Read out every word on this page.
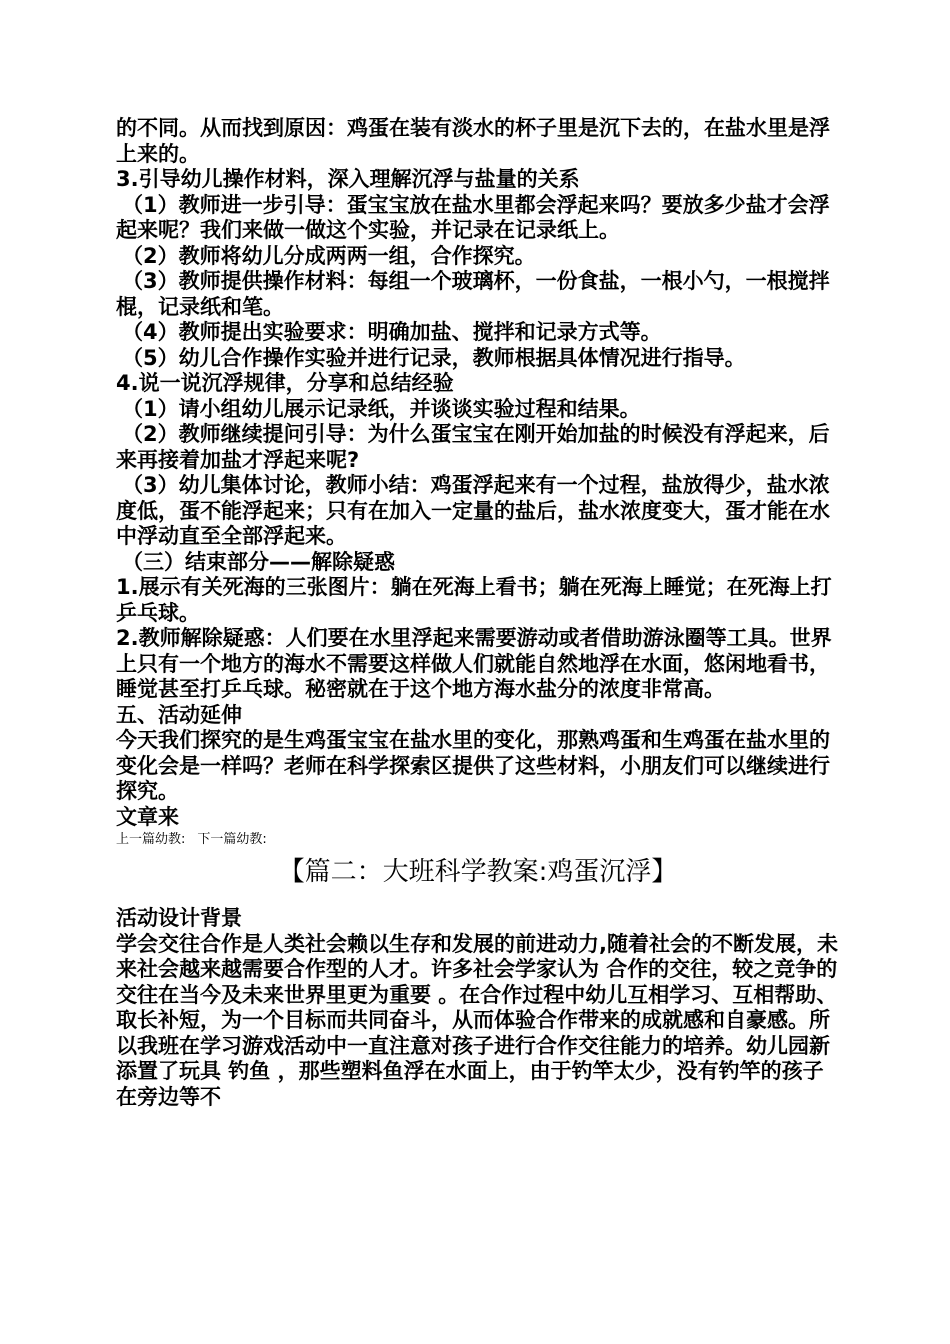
的不同。从而找到原因：鸡蛋在装有淡水的杯子里是沉下去的，在盐水里是浮上来的。

3.引导幼儿操作材料，深入理解沉浮与盐量的关系

（1）教师进一步引导：蛋宝宝放在盐水里都会浮起来吗？要放多少盐才会浮起来呢？我们来做一做这个实验，并记录在记录纸上。

（2）教师将幼儿分成两两一组，合作探究。

（3）教师提供操作材料：每组一个玻璃杯，一份食盐，一根小勺，一根搅拌棍，记录纸和笔。

（4）教师提出实验要求：明确加盐、搅拌和记录方式等。

（5）幼儿合作操作实验并进行记录，教师根据具体情况进行指导。

4.说一说沉浮规律，分享和总结经验

（1）请小组幼儿展示记录纸，并谈谈实验过程和结果。

（2）教师继续提问引导：为什么蛋宝宝在刚开始加盐的时候没有浮起来，后来再接着加盐才浮起来呢?

（3）幼儿集体讨论，教师小结：鸡蛋浮起来有一个过程，盐放得少，盐水浓度低，蛋不能浮起来；只有在加入一定量的盐后，盐水浓度变大，蛋才能在水中浮动直至全部浮起来。

（三）结束部分——解除疑惑

1.展示有关死海的三张图片：躺在死海上看书；躺在死海上睡觉；在死海上打乒乓球。

2.教师解除疑惑：人们要在水里浮起来需要游动或者借助游泳圈等工具。世界上只有一个地方的海水不需要这样做人们就能自然地浮在水面，悠闲地看书，睡觉甚至打乒乓球。秘密就在于这个地方海水盐分的浓度非常高。

五、活动延伸

今天我们探究的是生鸡蛋宝宝在盐水里的变化，那熟鸡蛋和生鸡蛋在盐水里的变化会是一样吗？老师在科学探索区提供了这些材料，小朋友们可以继续进行探究。

文章来

上一篇幼教: 下一篇幼教:

【篇二：大班科学教案:鸡蛋沉浮】

活动设计背景

学会交往合作是人类社会赖以生存和发展的前进动力,随着社会的不断发展，未来社会越来越需要合作型的人才。许多社会学家认为 合作的交往，较之竞争的交往在当今及未来世界里更为重要 。在合作过程中幼儿互相学习、互相帮助、取长补短，为一个目标而共同奋斗，从而体验合作带来的成就感和自豪感。所以我班在学习游戏活动中一直注意对孩子进行合作交往能力的培养。幼儿园新添置了玩具 钓鱼 ，那些塑料鱼浮在水面上，由于钓竿太少，没有钓竿的孩子在旁边等不
